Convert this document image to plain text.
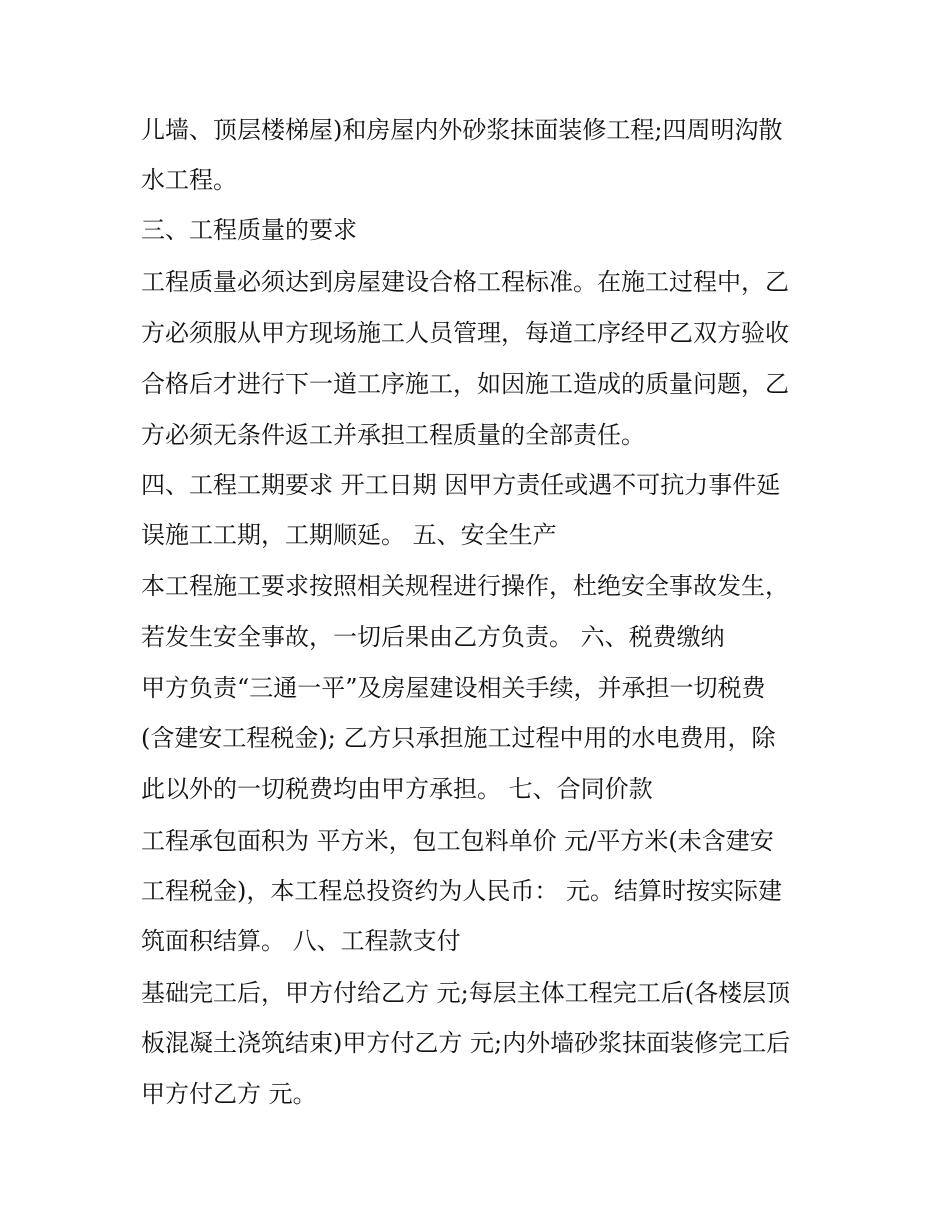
儿墙、顶层楼梯屋)和房屋内外砂浆抹面装修工程;四周明沟散
水工程。
三、工程质量的要求
工程质量必须达到房屋建设合格工程标准。在施工过程中，乙
方必须服从甲方现场施工人员管理，每道工序经甲乙双方验收
合格后才进行下一道工序施工，如因施工造成的质量问题，乙
方必须无条件返工并承担工程质量的全部责任。
四、工程工期要求 开工日期 因甲方责任或遇不可抗力事件延
误施工工期，工期顺延。 五、安全生产
本工程施工要求按照相关规程进行操作，杜绝安全事故发生，
若发生安全事故，一切后果由乙方负责。 六、税费缴纳
甲方负责“三通一平”及房屋建设相关手续，并承担一切税费
(含建安工程税金); 乙方只承担施工过程中用的水电费用，除
此以外的一切税费均由甲方承担。 七、合同价款
工程承包面积为 平方米，包工包料单价 元/平方米(未含建安
工程税金)，本工程总投资约为人民币： 元。结算时按实际建
筑面积结算。 八、工程款支付
基础完工后，甲方付给乙方 元;每层主体工程完工后(各楼层顶
板混凝土浇筑结束)甲方付乙方 元;内外墙砂浆抹面装修完工后
甲方付乙方 元。
